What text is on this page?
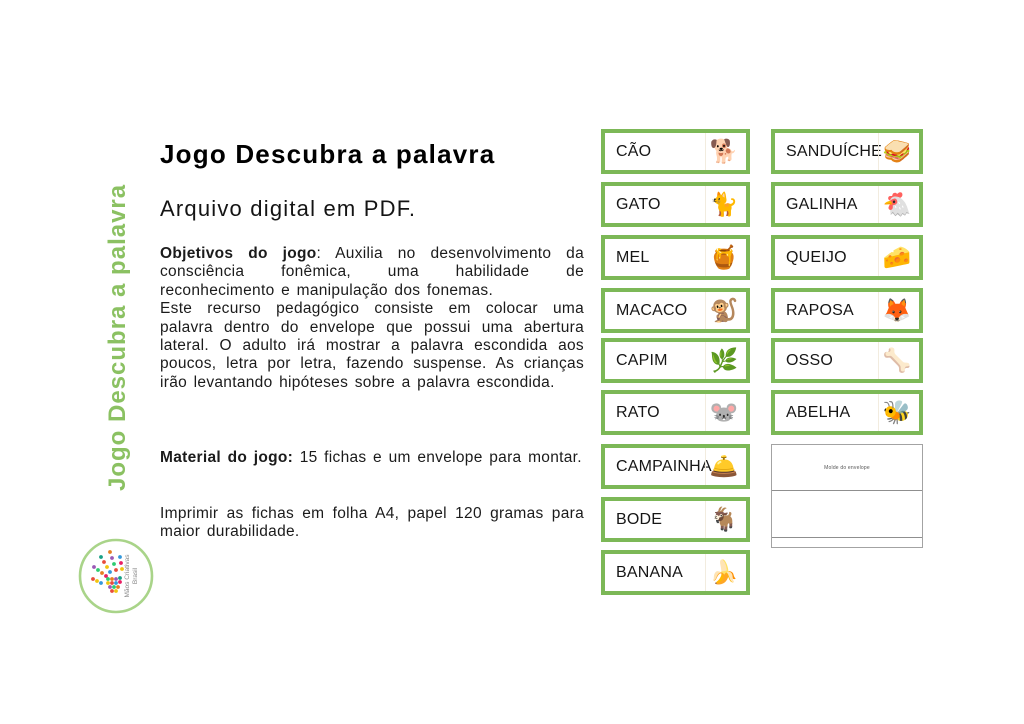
Jogo Descubra a palavra
Mãos Criativas Brasil
Jogo Descubra a palavra
Arquivo digital em PDF.
Objetivos do jogo: Auxilia no desenvolvimento da consciência fonêmica, uma habilidade de reconhecimento e manipulação dos fonemas.
Este recurso pedagógico consiste em colocar uma palavra dentro do envelope que possui uma abertura lateral. O adulto irá mostrar a palavra escondida aos poucos, letra por letra, fazendo suspense. As crianças irão levantando hipóteses sobre a palavra escondida.
Material do jogo: 15 fichas e um envelope para montar.
Imprimir as fichas em folha A4, papel 120 gramas para maior durabilidade.
CÃO	🐕
GATO	🐈
MEL	🍯
MACACO 🐒
CAPIM	🌿
RATO	🐭
CAMPAINHA
🛎️
BODE	🐐
BANANA	🍌
SANDUÍCHE 🥪
GALINHA	🐔
QUEIJO	🧀
RAPOSA	🦊
OSSO	🦴
ABELHA	🐝
Molde do envelope
